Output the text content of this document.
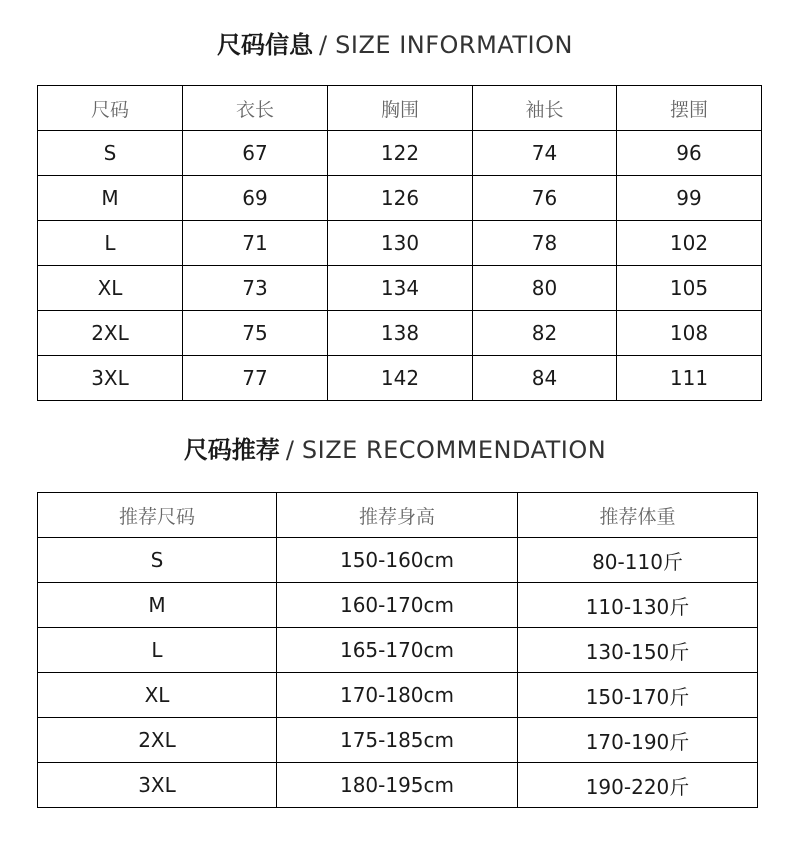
尺码信息 / SIZE INFORMATION
尺码	衣长	胸围	袖长	摆围
S	67	122	74	96
M	69	126	76	99
L	71	130	78	102
XL	73	134	80	105
2XL	75	138	82	108
3XL	77	142	84	111
尺码推荐 / SIZE RECOMMENDATION
推荐尺码	推荐身高	推荐体重
S	150-160cm	80-110斤
M	160-170cm	110-130斤
L	165-170cm	130-150斤
XL	170-180cm	150-170斤
2XL	175-185cm	170-190斤
3XL	180-195cm	190-220斤
